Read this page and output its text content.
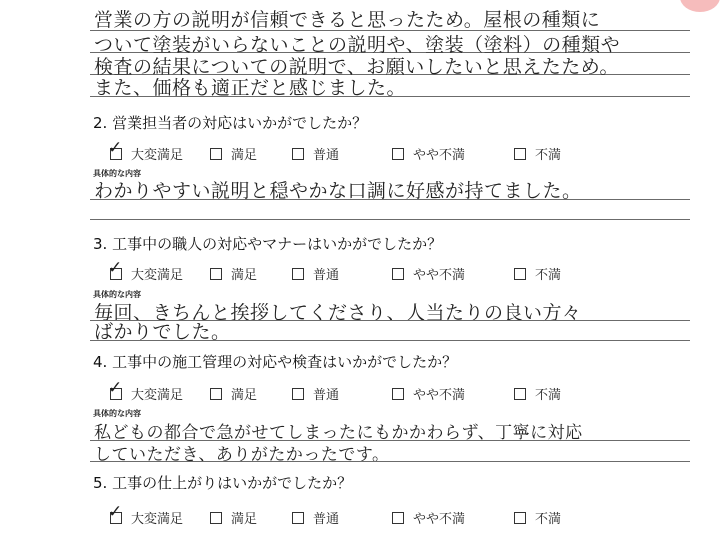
営業の方の説明が信頼できると思ったため。屋根の種類に
ついて塗装がいらないことの説明や、塗装（塗料）の種類や
検査の結果についての説明で、お願いしたいと思えたため。
また、価格も適正だと感じました。
2. 営業担当者の対応はいかがでしたか？
✓ 大変満足	満足	普通	やや不満	不満
具体的な内容
わかりやすい説明と穏やかな口調に好感が持てました。
3. 工事中の職人の対応やマナーはいかがでしたか？
✓ 大変満足	満足	普通	やや不満	不満
具体的な内容
毎回、きちんと挨拶してくださり、人当たりの良い方々
ばかりでした。
4. 工事中の施工管理の対応や検査はいかがでしたか？
✓ 大変満足	満足	普通	やや不満	不満
具体的な内容
私どもの都合で急がせてしまったにもかかわらず、丁寧に対応
していただき、ありがたかったです。
5. 工事の仕上がりはいかがでしたか？
✓ 大変満足	満足	普通	やや不満	不満
